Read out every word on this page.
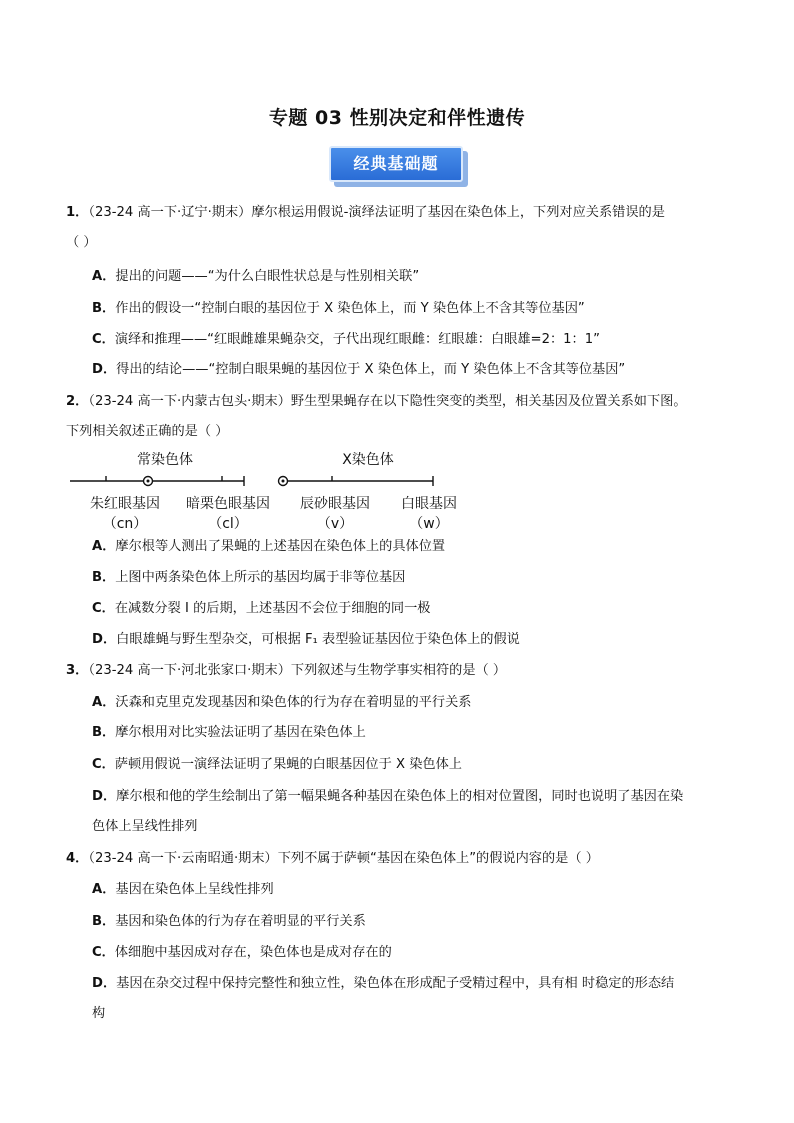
专题 03 性别决定和伴性遗传
经典基础题
1．（23-24 高一下·辽宁·期末）摩尔根运用假说-演绎法证明了基因在染色体上，下列对应关系错误的是
（ ）
A．提出的问题——“为什么白眼性状总是与性别相关联”
B．作出的假设一“控制白眼的基因位于 X 染色体上，而 Y 染色体上不含其等位基因”
C．演绎和推理——“红眼雌雄果蝇杂交，子代出现红眼雌：红眼雄：白眼雄=2：1：1”
D．得出的结论——“控制白眼果蝇的基因位于 X 染色体上，而 Y 染色体上不含其等位基因”
2．（23-24 高一下·内蒙古包头·期末）野生型果蝇存在以下隐性突变的类型，相关基因及位置关系如下图。
下列相关叙述正确的是（ ）
常染色体	X染色体
朱红眼基因
（cn）
暗栗色眼基因
（cl）
辰砂眼基因
（v）
白眼基因
（w）
A．摩尔根等人测出了果蝇的上述基因在染色体上的具体位置
B．上图中两条染色体上所示的基因均属于非等位基因
C．在减数分裂 I 的后期，上述基因不会位于细胞的同一极
D．白眼雄蝇与野生型杂交，可根据 F₁ 表型验证基因位于染色体上的假说
3．（23-24 高一下·河北张家口·期末）下列叙述与生物学事实相符的是（ ）
A．沃森和克里克发现基因和染色体的行为存在着明显的平行关系
B．摩尔根用对比实验法证明了基因在染色体上
C．萨顿用假说一演绎法证明了果蝇的白眼基因位于 X 染色体上
D．摩尔根和他的学生绘制出了第一幅果蝇各种基因在染色体上的相对位置图，同时也说明了基因在染
色体上呈线性排列
4．（23-24 高一下·云南昭通·期末）下列不属于萨顿“基因在染色体上”的假说内容的是（ ）
A．基因在染色体上呈线性排列
B．基因和染色体的行为存在着明显的平行关系
C．体细胞中基因成对存在，染色体也是成对存在的
D．基因在杂交过程中保持完整性和独立性，染色体在形成配子受精过程中，具有相 时稳定的形态结
构
